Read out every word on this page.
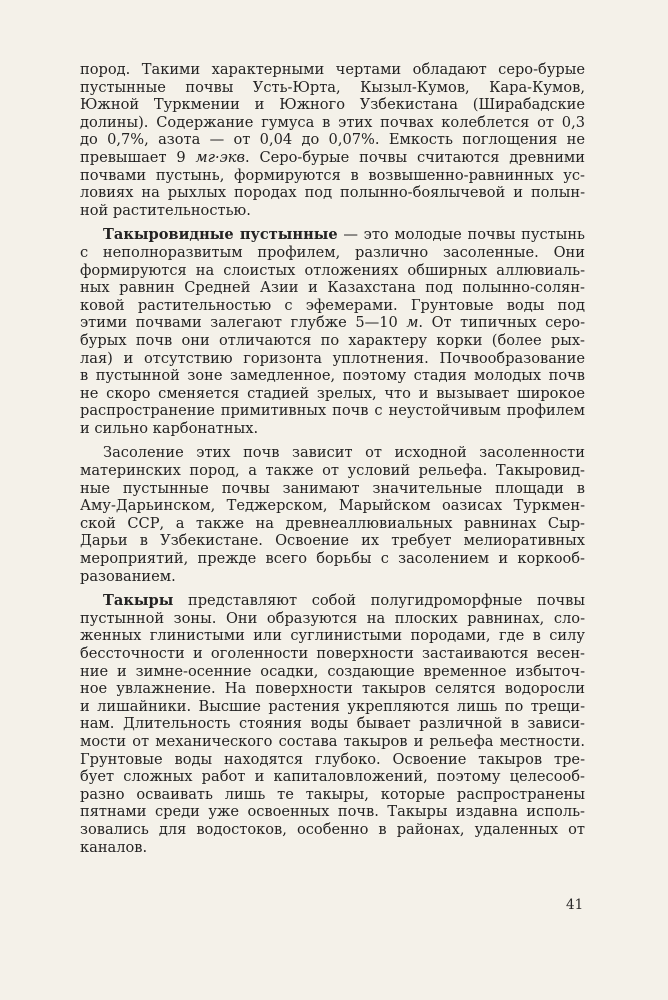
пород. Такими характерными чертами обладают серо-бурые
пустынные почвы Усть-Юрта, Кызыл-Кумов, Кара-Кумов,
Южной Туркмении и Южного Узбекистана (Ширабадские
долины). Содержание гумуса в этих почвах колеблется от 0,3
до 0,7%, азота — от 0,04 до 0,07%. Емкость поглощения не
превышает 9 мг·экв. Серо-бурые почвы считаются древними
почвами пустынь, формируются в возвышенно-равнинных ус-
ловиях на рыхлых породах под полынно-боялычевой и полын-
ной растительностью.
Такыровидные пустынные — это молодые почвы пустынь
с неполноразвитым профилем, различно засоленные. Они
формируются на слоистых отложениях обширных аллювиаль-
ных равнин Средней Азии и Казахстана под полынно-солян-
ковой растительностью с эфемерами. Грунтовые воды под
этими почвами залегают глубже 5—10 м. От типичных серо-
бурых почв они отличаются по характеру корки (более рых-
лая) и отсутствию горизонта уплотнения. Почвообразование
в пустынной зоне замедленное, поэтому стадия молодых почв
не скоро сменяется стадией зрелых, что и вызывает широкое
распространение примитивных почв с неустойчивым профилем
и сильно карбонатных.
Засоление этих почв зависит от исходной засоленности
материнских пород, а также от условий рельефа. Такыровид-
ные пустынные почвы занимают значительные площади в
Аму-Дарьинском, Теджерском, Марыйском оазисах Туркмен-
ской ССР, а также на древнеаллювиальных равнинах Сыр-
Дарьи в Узбекистане. Освоение их требует мелиоративных
мероприятий, прежде всего борьбы с засолением и коркооб-
разованием.
Такыры представляют собой полугидроморфные почвы
пустынной зоны. Они образуются на плоских равнинах, сло-
женных глинистыми или суглинистыми породами, где в силу
бессточности и оголенности поверхности застаиваются весен-
ние и зимне-осенние осадки, создающие временное избыточ-
ное увлажнение. На поверхности такыров селятся водоросли
и лишайники. Высшие растения укрепляются лишь по трещи-
нам. Длительность стояния воды бывает различной в зависи-
мости от механического состава такыров и рельефа местности.
Грунтовые воды находятся глубоко. Освоение такыров тре-
бует сложных работ и капиталовложений, поэтому целесооб-
разно осваивать лишь те такыры, которые распространены
пятнами среди уже освоенных почв. Такыры издавна исполь-
зовались для водостоков, особенно в районах, удаленных от
каналов.
41
